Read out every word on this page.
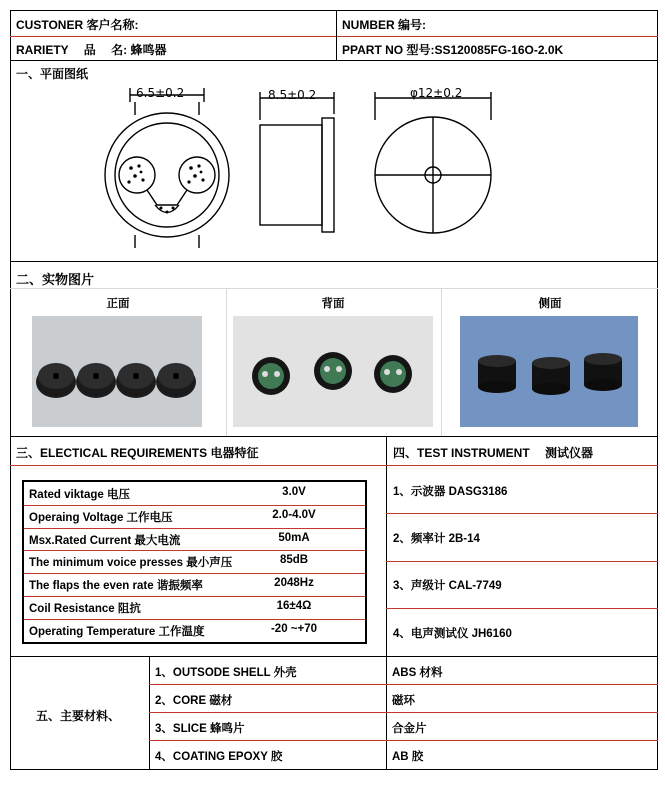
CUSTONER 客户名称:	NUMBER 编号:
RARIETY　 品　 名: 蜂鸣器	PPART NO 型号:SS120085FG-16O-2.0K
一、平面图纸
6.5±0.2	8.5±0.2	φ12±0.2
二、实物图片
正面	背面	侧面
三、ELECTICAL REQUIREMENTS 电器特征	四、TEST INSTRUMENT　 测试仪器
Rated viktage 电压	3.0V
Operaing Voltage 工作电压	2.0-4.0V
Msx.Rated Current 最大电流	50mA
The minimum voice presses 最小声压	85dB
The flaps the even rate 谐振频率	2048Hz
Coil Resistance 阻抗	16±4Ω
Operating Temperature 工作温度	-20 ~+70
1、示波器 DASG3186
2、频率计 2B-14
3、声级计 CAL-7749
4、电声测试仪 JH6160
五、主要材料、
1、OUTSODE SHELL 外壳	ABS 材料
2、CORE 磁材	磁环
3、SLICE 蜂鸣片	合金片
4、COATING EPOXY 胶	AB 胶
